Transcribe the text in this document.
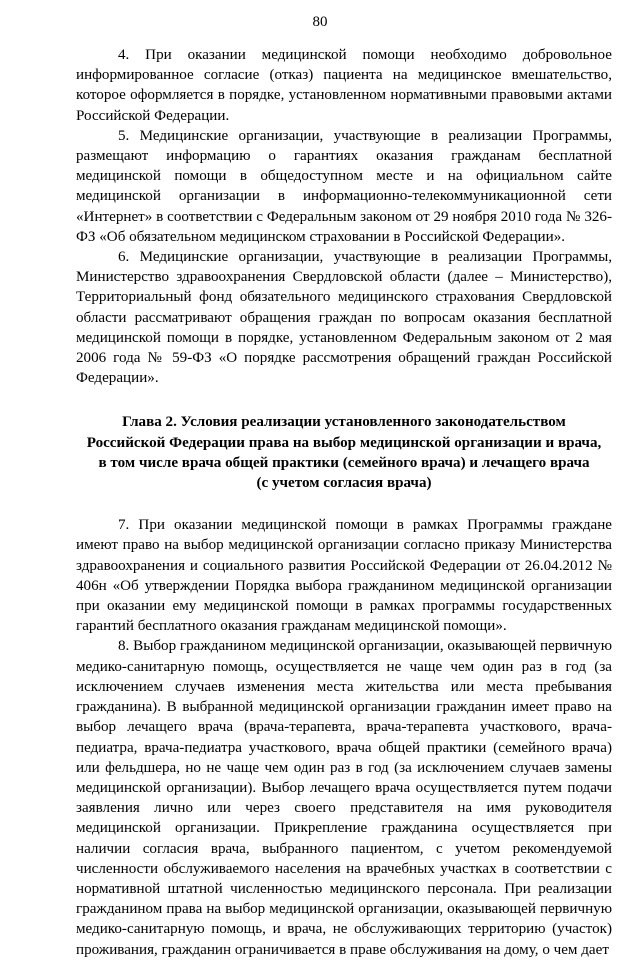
80

4. При оказании медицинской помощи необходимо добровольное информированное согласие (отказ) пациента на медицинское вмешательство, которое оформляется в порядке, установленном нормативными правовыми актами Российской Федерации.

5. Медицинские организации, участвующие в реализации Программы, размещают информацию о гарантиях оказания гражданам бесплатной медицинской помощи в общедоступном месте и на официальном сайте медицинской организации в информационно-телекоммуникационной сети «Интернет» в соответствии с Федеральным законом от 29 ноября 2010 года № 326-ФЗ «Об обязательном медицинском страховании в Российской Федерации».

6. Медицинские организации, участвующие в реализации Программы, Министерство здравоохранения Свердловской области (далее – Министерство), Территориальный фонд обязательного медицинского страхования Свердловской области рассматривают обращения граждан по вопросам оказания бесплатной медицинской помощи в порядке, установленном Федеральным законом от 2 мая 2006 года № 59-ФЗ «О порядке рассмотрения обращений граждан Российской Федерации».

Глава 2. Условия реализации установленного законодательством
Российской Федерации права на выбор медицинской организации и врача,
в том числе врача общей практики (семейного врача) и лечащего врача
(с учетом согласия врача)

7. При оказании медицинской помощи в рамках Программы граждане имеют право на выбор медицинской организации согласно приказу Министерства здравоохранения и социального развития Российской Федерации от 26.04.2012 № 406н «Об утверждении Порядка выбора гражданином медицинской организации при оказании ему медицинской помощи в рамках программы государственных гарантий бесплатного оказания гражданам медицинской помощи».

8. Выбор гражданином медицинской организации, оказывающей первичную медико-санитарную помощь, осуществляется не чаще чем один раз в год (за исключением случаев изменения места жительства или места пребывания гражданина). В выбранной медицинской организации гражданин имеет право на выбор лечащего врача (врача-терапевта, врача-терапевта участкового, врача-педиатра, врача-педиатра участкового, врача общей практики (семейного врача) или фельдшера, но не чаще чем один раз в год (за исключением случаев замены медицинской организации). Выбор лечащего врача осуществляется путем подачи заявления лично или через своего представителя на имя руководителя медицинской организации. Прикрепление гражданина осуществляется при наличии согласия врача, выбранного пациентом, с учетом рекомендуемой численности обслуживаемого населения на врачебных участках в соответствии с нормативной штатной численностью медицинского персонала. При реализации гражданином права на выбор медицинской организации, оказывающей первичную медико-санитарную помощь, и врача, не обслуживающих территорию (участок) проживания, гражданин ограничивается в праве обслуживания на дому, о чем дает
